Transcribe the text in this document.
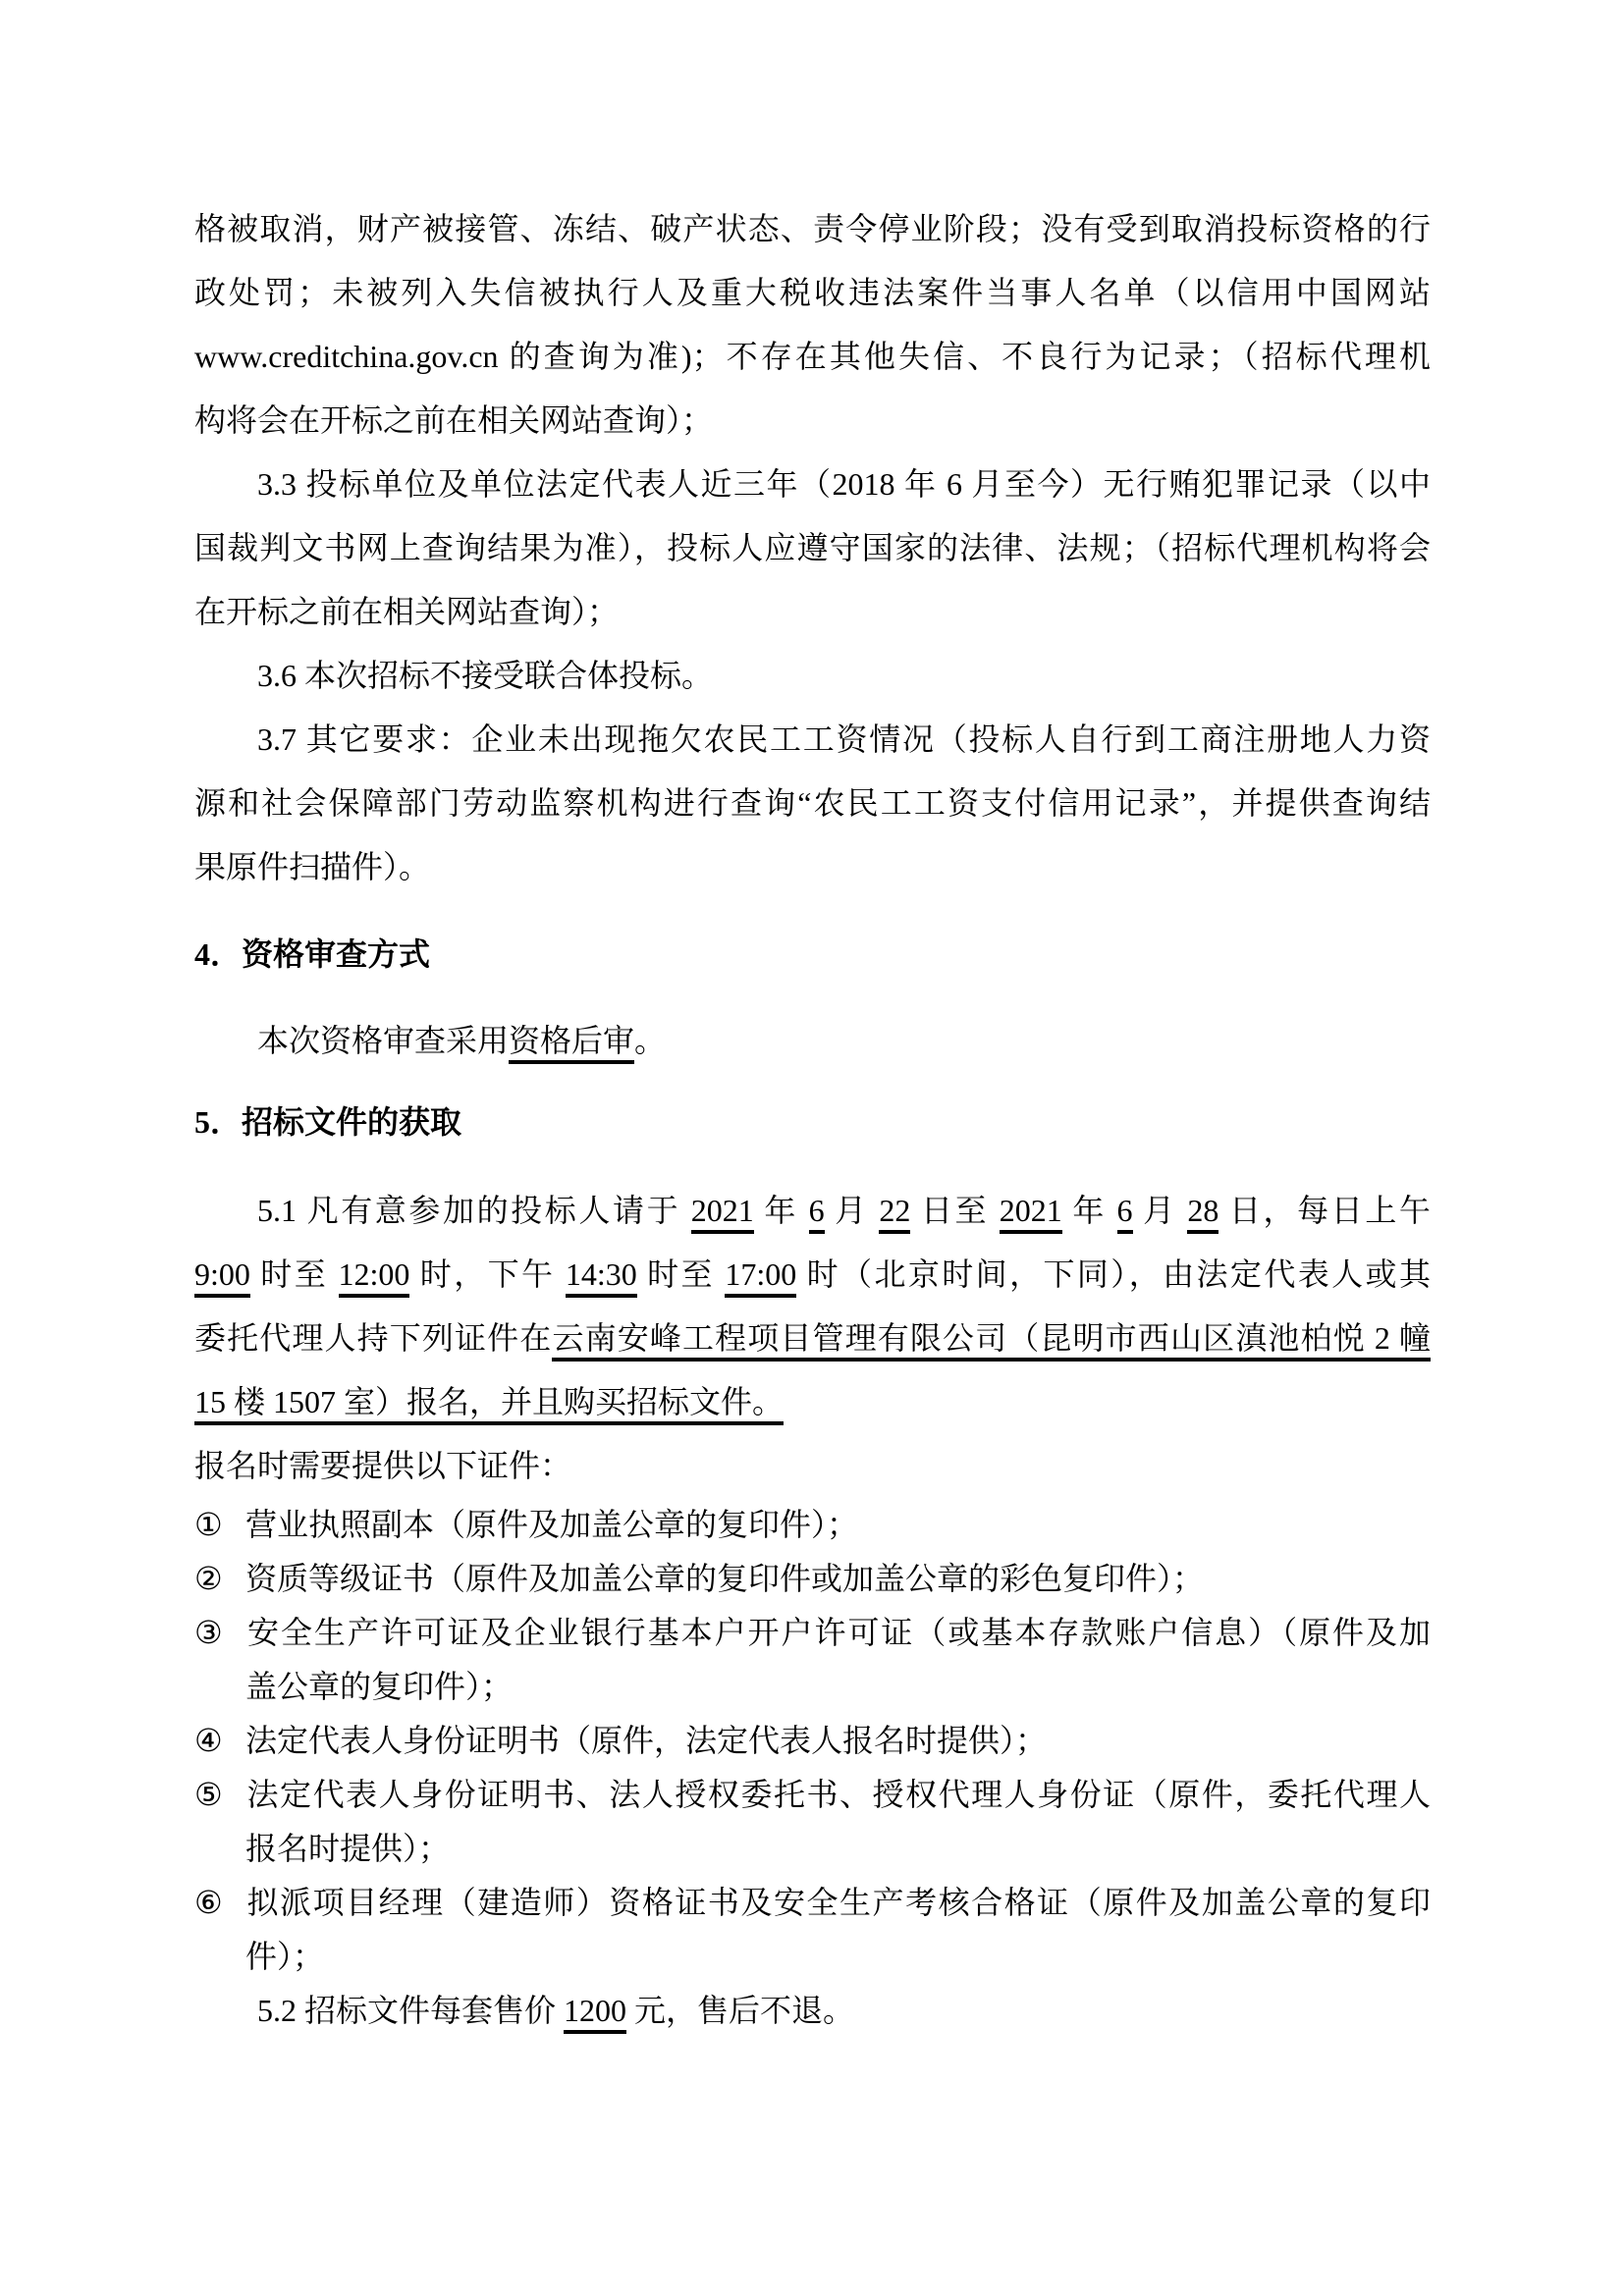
格被取消，财产被接管、冻结、破产状态、责令停业阶段；没有受到取消投标资格的行
政处罚；未被列入失信被执行人及重大税收违法案件当事人名单（以信用中国网站
www.creditchina.gov.cn 的查询为准)；不存在其他失信、不良行为记录；（招标代理机
构将会在开标之前在相关网站查询）；
3.3 投标单位及单位法定代表人近三年（2018 年 6 月至今）无行贿犯罪记录（以中
国裁判文书网上查询结果为准），投标人应遵守国家的法律、法规；（招标代理机构将会
在开标之前在相关网站查询）；
3.6 本次招标不接受联合体投标。
3.7 其它要求：企业未出现拖欠农民工工资情况（投标人自行到工商注册地人力资
源和社会保障部门劳动监察机构进行查询“农民工工资支付信用记录”，并提供查询结
果原件扫描件）。
4．资格审查方式
本次资格审查采用资格后审。
5．招标文件的获取
5.1 凡有意参加的投标人请于 2021 年 6 月 22 日至 2021 年 6 月 28 日，每日上午
9:00 时至 12:00 时，下午 14:30 时至 17:00 时（北京时间，下同），由法定代表人或其
委托代理人持下列证件在云南安峰工程项目管理有限公司（昆明市西山区滇池柏悦 2 幢
15 楼 1507 室）报名，并且购买招标文件。
报名时需要提供以下证件：
① 营业执照副本（原件及加盖公章的复印件）；
② 资质等级证书（原件及加盖公章的复印件或加盖公章的彩色复印件）；
③ 安全生产许可证及企业银行基本户开户许可证（或基本存款账户信息）（原件及加
盖公章的复印件）；
④ 法定代表人身份证明书（原件，法定代表人报名时提供）；
⑤ 法定代表人身份证明书、法人授权委托书、授权代理人身份证（原件，委托代理人
报名时提供）；
⑥ 拟派项目经理（建造师）资格证书及安全生产考核合格证（原件及加盖公章的复印
件）；
5.2 招标文件每套售价 1200 元，售后不退。
